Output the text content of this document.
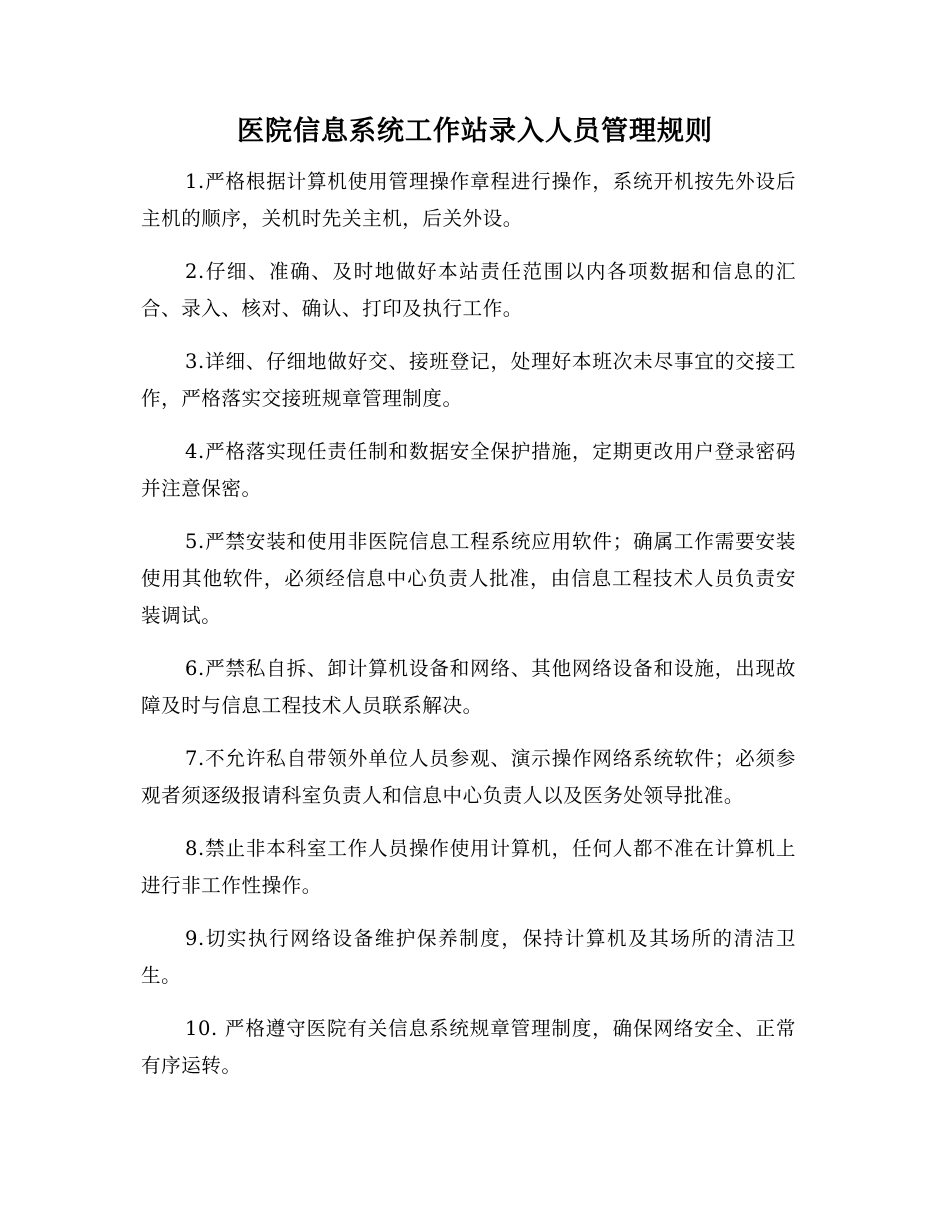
医院信息系统工作站录入人员管理规则
1.严格根据计算机使用管理操作章程进行操作，系统开机按先外设后主机的顺序，关机时先关主机，后关外设。
2.仔细、准确、及时地做好本站责任范围以内各项数据和信息的汇合、录入、核对、确认、打印及执行工作。
3.详细、仔细地做好交、接班登记，处理好本班次未尽事宜的交接工作，严格落实交接班规章管理制度。
4.严格落实现任责任制和数据安全保护措施，定期更改用户登录密码并注意保密。
5.严禁安装和使用非医院信息工程系统应用软件；确属工作需要安装使用其他软件，必须经信息中心负责人批准，由信息工程技术人员负责安装调试。
6.严禁私自拆、卸计算机设备和网络、其他网络设备和设施，出现故障及时与信息工程技术人员联系解决。
7.不允许私自带领外单位人员参观、演示操作网络系统软件；必须参观者须逐级报请科室负责人和信息中心负责人以及医务处领导批准。
8.禁止非本科室工作人员操作使用计算机，任何人都不准在计算机上进行非工作性操作。
9.切实执行网络设备维护保养制度，保持计算机及其场所的清洁卫生。
10. 严格遵守医院有关信息系统规章管理制度，确保网络安全、正常有序运转。
